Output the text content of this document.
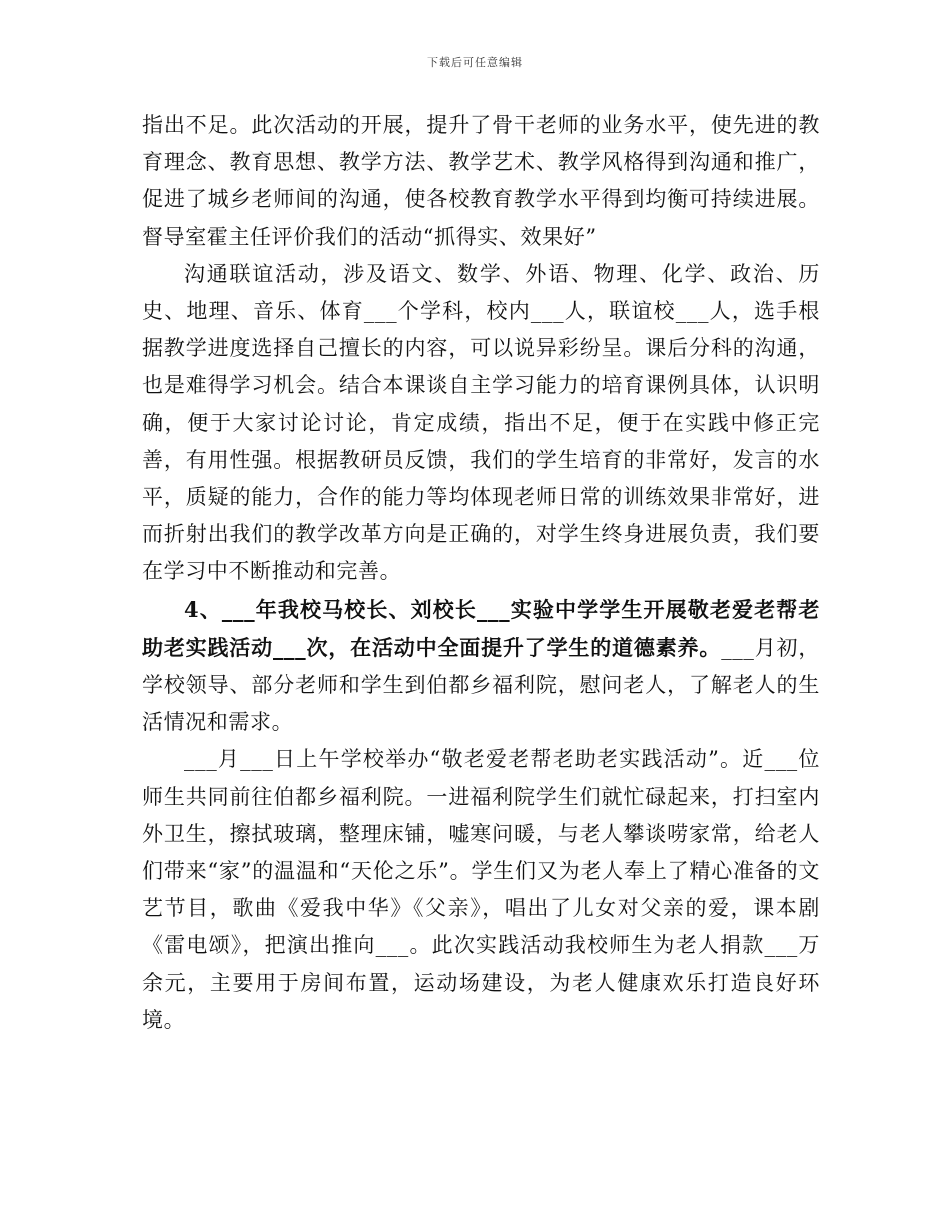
下载后可任意编辑

指出不足。此次活动的开展，提升了骨干老师的业务水平，使先进的教育理念、教育思想、教学方法、教学艺术、教学风格得到沟通和推广，促进了城乡老师间的沟通，使各校教育教学水平得到均衡可持续进展。督导室霍主任评价我们的活动“抓得实、效果好”

沟通联谊活动，涉及语文、数学、外语、物理、化学、政治、历史、地理、音乐、体育___个学科，校内___人，联谊校___人，选手根据教学进度选择自己擅长的内容，可以说异彩纷呈。课后分科的沟通，也是难得学习机会。结合本课谈自主学习能力的培育课例具体，认识明确，便于大家讨论讨论，肯定成绩，指出不足，便于在实践中修正完善，有用性强。根据教研员反馈，我们的学生培育的非常好，发言的水平，质疑的能力，合作的能力等均体现老师日常的训练效果非常好，进而折射出我们的教学改革方向是正确的，对学生终身进展负责，我们要在学习中不断推动和完善。

4、___年我校马校长、刘校长___实验中学学生开展敬老爱老帮老助老实践活动___次，在活动中全面提升了学生的道德素养。___月初，学校领导、部分老师和学生到伯都乡福利院，慰问老人，了解老人的生活情况和需求。

___月___日上午学校举办“敬老爱老帮老助老实践活动”。近___位师生共同前往伯都乡福利院。一进福利院学生们就忙碌起来，打扫室内外卫生，擦拭玻璃，整理床铺，嘘寒问暖，与老人攀谈唠家常，给老人们带来“家”的温温和“天伦之乐”。学生们又为老人奉上了精心准备的文艺节目，歌曲《爱我中华》《父亲》，唱出了儿女对父亲的爱，课本剧《雷电颂》，把演出推向___。此次实践活动我校师生为老人捐款___万余元，主要用于房间布置，运动场建设，为老人健康欢乐打造良好环境。
